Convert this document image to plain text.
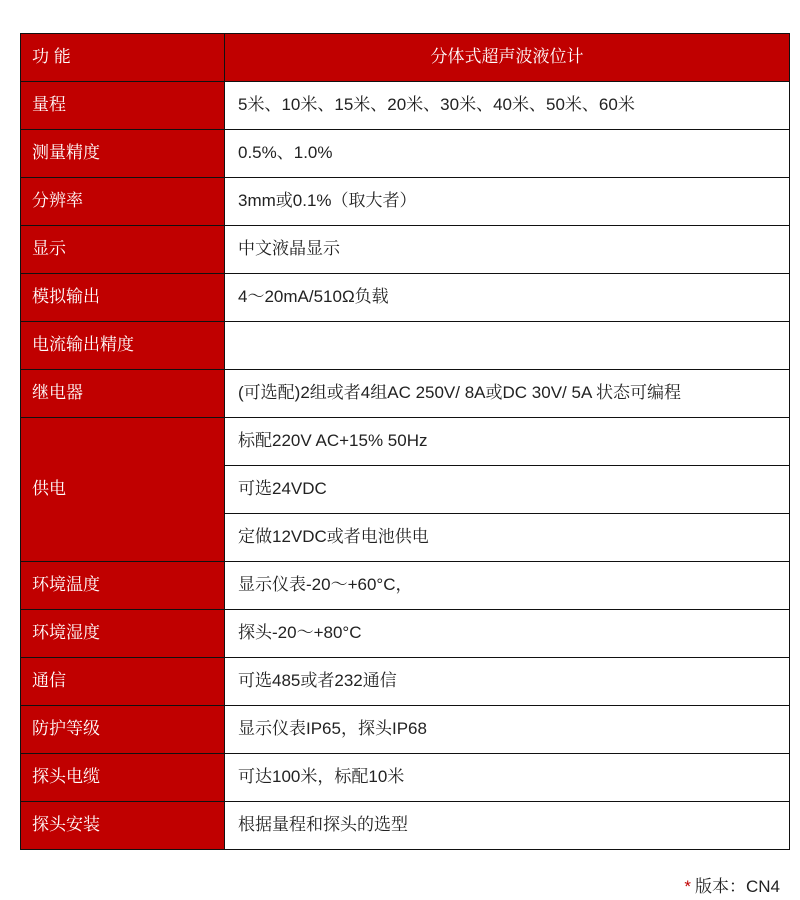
功 能	分体式超声波液位计
量程	5米、10米、15米、20米、30米、40米、50米、60米
测量精度	0.5%、1.0%
分辨率	3mm或0.1%（取大者）
显示	中文液晶显示
模拟输出	4～20mA/510Ω负载
电流输出精度	
继电器	(可选配)2组或者4组AC 250V/ 8A或DC 30V/ 5A 状态可编程
供电	标配220V AC+15% 50Hz
	可选24VDC
	定做12VDC或者电池供电
环境温度	显示仪表-20～+60°C，
环境湿度	探头-20～+80°C
通信	可选485或者232通信
防护等级	显示仪表IP65，探头IP68
探头电缆	可达100米，标配10米
探头安装	根据量程和探头的选型
* 版本：CN4
